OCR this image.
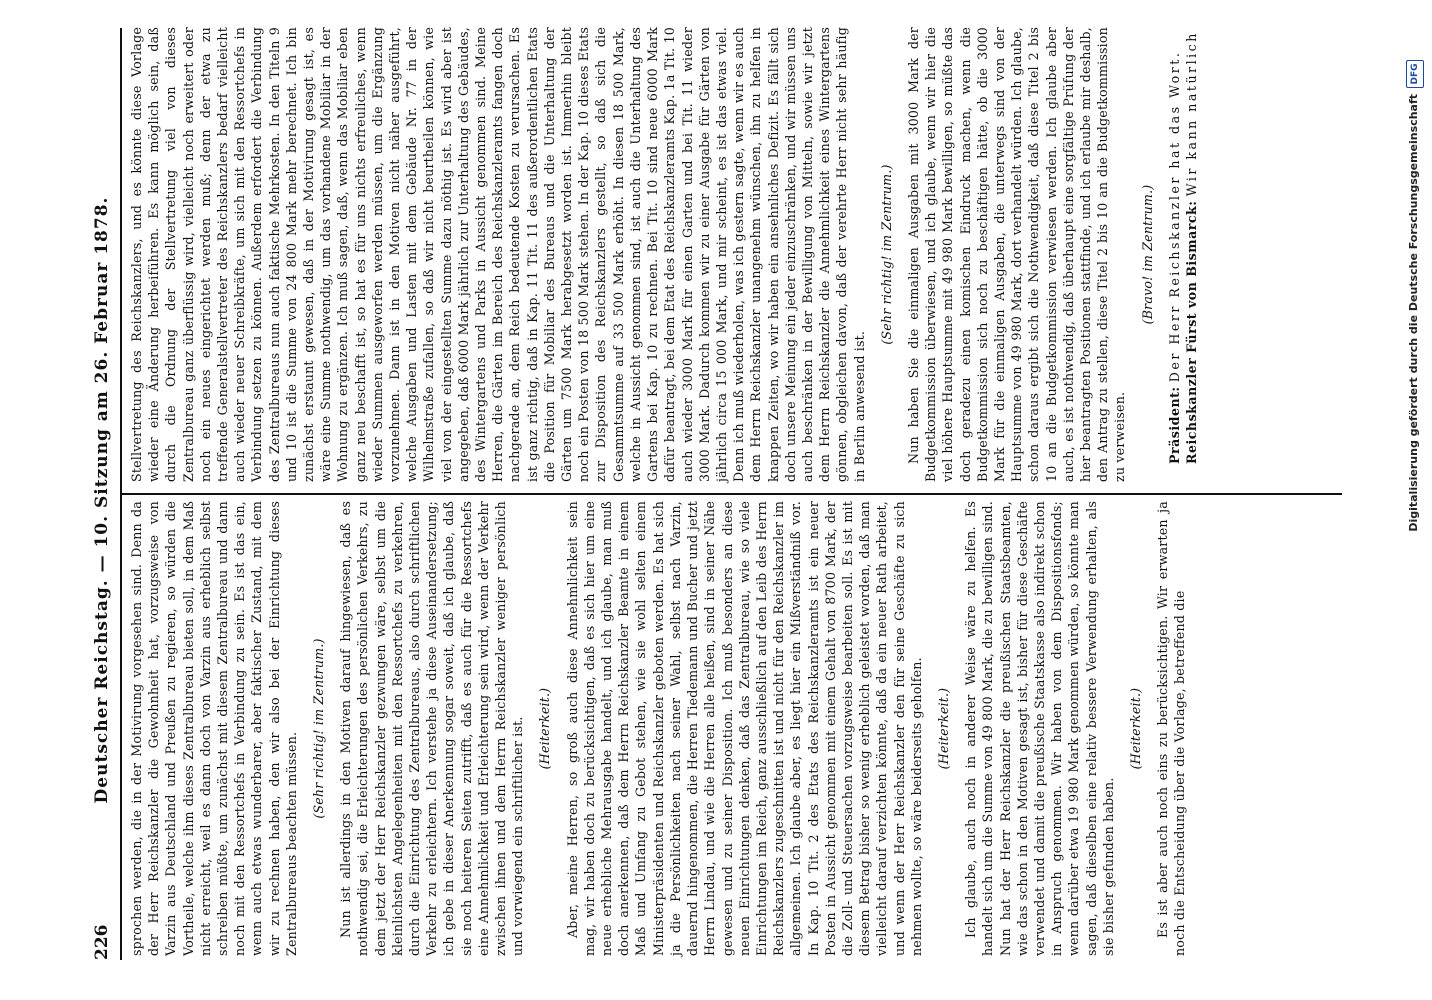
226
Deutscher Reichstag. — 10. Sitzung am 26. Februar 1878. sprochen werden, die in der Motivirung vorgesehen sind. Denn da der Herr Reichskanzler die Gewohnheit hat, vorzugsweise von Varzin aus Deutschland und Preußen zu regieren, so würden die Vortheile, welche ihm dieses Zentralbureau bieten soll, in dem Maß nicht erreicht, weil es dann doch von Varzin aus erheblich selbst schreiben müßte, um zunächst mit diesem Zentralbureau und dann noch mit den Ressortchefs in Verbindung zu sein. Es ist das ein, wenn auch etwas wunderbarer, aber faktischer Zustand, mit dem wir zu rechnen haben, den wir also bei der Einrichtung dieses Zentralbureaus beachten müssen.

(Sehr richtig! im Zentrum.) Nun ist allerdings in den Motiven darauf hingewiesen, daß es nothwendig sei, die Erleichterungen des persönlichen Verkehrs, zu dem jetzt der Herr Reichskanzler gezwungen wäre, selbst um die kleinlichsten Angelegenheiten mit den Ressortchefs zu verkehren, durch die Einrichtung des Zentralbureaus, also durch schriftlichen Verkehr zu erleichtern. Ich verstehe ja diese Auseinandersetzung; ich gebe in dieser Anerkennung sogar soweit, daß ich glaube, daß sie noch heiteren Seiten zutrifft, daß es auch für die Ressortchefs eine Annehmlichkeit und Erleichterung sein wird, wenn der Verkehr zwischen ihnen und dem Herrn Reichskanzler weniger persönlich und vorwiegend ein schriftlicher ist. (Heiterkeit.) Aber, meine Herren, so groß auch diese Annehmlichkeit sein mag, wir haben doch zu berücksichtigen, daß es sich hier um eine neue erhebliche Mehrausgabe handelt, und ich glaube, man muß doch anerkennen, daß dem Herrn Reichskanzler Beamte in einem Maß und Umfang zu Gebot stehen, wie sie wohl selten einem Ministerpräsidenten und Reichskanzler geboten werden. Es hat sich ja die Persönlichkeiten nach seiner Wahl, selbst nach Varzin, dauernd hingenommen, die Herren Tiedemann und Bucher und jetzt Herrn Lindau, und wie die Herren alle heißen, sind in seiner Nähe gewesen und zu seiner Disposition. Ich muß besonders an diese neuen Einrichtungen denken, daß das Zentralbureau, wie so viele Einrichtungen im Reich, ganz ausschließlich auf den Leib des Herrn Reichskanzlers zugeschnitten ist und nicht für den Reichskanzler im allgemeinen. Ich glaube aber, es liegt hier ein Mißverständniß vor. In Kap. 10 Tit. 2 des Etats des Reichskanzleramts ist ein neuer Posten in Aussicht genommen mit einem Gehalt von 8700 Mark, der die Zoll- und Steuersachen vorzugsweise bearbeiten soll. Es ist mit diesem Betrag bisher so wenig erheblich geleistet worden, daß man vielleicht darauf verzichten könnte, daß da ein neuer Rath arbeitet, und wenn der Herr Reichskanzler den für seine Geschäfte zu sich nehmen wollte, so wäre beiderseits geholfen. (Heiterkeit.) Ich glaube, auch noch in anderer Weise wäre zu helfen. Es handelt sich um die Summe von 49 800 Mark, die zu bewilligen sind. Nun hat der Herr Reichskanzler die preußischen Staatsbeamten, wie das schon in den Motiven gesagt ist, bisher für diese Geschäfte verwendet und damit die preußische Staatskasse also indirekt schon in Anspruch genommen. Wir haben von dem Dispositionsfonds; wenn darüber etwa 19 980 Mark genommen würden, so könnte man sagen, daß dieselben eine relativ bessere Verwendung erhalten, als sie bisher gefunden haben.

(Heiterkeit.) Es ist aber auch noch eins zu berücksichtigen. Wir erwarten ja noch die Entscheidung über die Vorlage, betreffend die

Stellvertretung des Reichskanzlers, und es könnte diese Vorlage wieder eine Änderung herbeiführen. Es kann möglich sein, daß durch die Ordnung der Stellvertretung viel von dieses Zentralbureau ganz überflüssig wird, vielleicht noch erweitert oder noch ein neues eingerichtet werden muß; denn der etwa zu treffende Generalstellvertreter des Reichskanzlers bedarf vielleicht auch wieder neuer Schreibkräfte, um sich mit den Ressortchefs in Verbindung setzen zu können. Außerdem erfordert die Verbindung des Zentralbureaus nun auch faktische Mehrkosten. In den Titeln 9 und 10 ist die Summe von 24 800 Mark mehr berechnet. Ich bin zunächst erstaunt gewesen, daß in der Motivirung gesagt ist, es wäre eine Summe nothwendig, um das vorhandene Mobiliar in der Wohnung zu ergänzen. Ich muß sagen, daß, wenn das Mobiliar eben ganz neu beschafft ist, so hat es für uns nichts erfreuliches, wenn wieder Summen ausgeworfen werden müssen, um die Ergänzung vorzunehmen. Dann ist in den Motiven nicht näher ausgeführt, welche Ausgaben und Lasten mit dem Gebäude Nr. 77 in der Wilhelmstraße zufallen, so daß wir nicht beurtheilen können, wie viel von der eingestellten Summe dazu nöthig ist. Es wird aber ist angegeben, daß 6000 Mark jährlich zur Unterhaltung des Gebäudes, des Wintergartens und Parks in Aussicht genommen sind. Meine Herren, die Gärten im Bereich des Reichskanzleramts fangen doch nachgerade an, dem Reich bedeutende Kosten zu verursachen. Es ist ganz richtig, daß in Kap. 11 Tit. 11 des außerordentlichen Etats die Position für Mobiliar des Bureaus und die Unterhaltung der Gärten um 7500 Mark herabgesetzt worden ist. Immerhin bleibt noch ein Posten von 18 500 Mark stehen. In der Kap. 10 dieses Etats zur Disposition des Reichskanzlers gestellt, so daß sich die Gesammtsumme auf 33 500 Mark erhöht. In diesen 18 500 Mark, welche in Aussicht genommen sind, ist auch die Unterhaltung des Gartens bei Kap. 10 zu rechnen. Bei Tit. 10 sind neue 6000 Mark dafür beantragt, bei dem Etat des Reichskanzleramts Kap. 1a Tit. 10 auch wieder 3000 Mark für einen Garten und bei Tit. 11 wieder 3000 Mark. Dadurch kommen wir zu einer Ausgabe für Gärten von jährlich circa 15 000 Mark, und mir scheint, es ist das etwas viel. Denn ich muß wiederholen, was ich gestern sagte, wenn wir es auch dem Herrn Reichskanzler unangenehm wünschen, ihn zu helfen in knappen Zeiten, wo wir haben ein ansehnliches Defizit. Es fällt sich doch unsere Meinung ein jeder einzuschränken, und wir müssen uns auch beschränken in der Bewilligung von Mitteln, sowie wir jetzt dem Herrn Reichskanzler die Annehmlichkeit eines Wintergartens gönnen, obgleichen davon, daß der verehrte Herr nicht sehr häufig in Berlin anwesend ist.

(Sehr richtig! im Zentrum.) Nun haben Sie die einmaligen Ausgaben mit 3000 Mark der Budgetkommission überwiesen, und ich glaube, wenn wir hier die viel höhere Hauptsumme mit 49 980 Mark bewilligen, so müßte das doch geradezu einen komischen Eindruck machen, wenn die Budgetkommission sich noch zu beschäftigen hätte, ob die 3000 Mark für die einmaligen Ausgaben, die unterwegs sind von der Hauptsumme von 49 980 Mark, dort verhandelt würden. Ich glaube, schon daraus ergibt sich die Nothwendigkeit, daß diese Titel 2 bis 10 an die Budgetkommission verwiesen werden. Ich glaube aber auch, es ist nothwendig, daß überhaupt eine sorgfältige Prüfung der hier beantragten Positionen stattfinde, und ich erlaube mir deshalb, den Antrag zu stellen, diese Titel 2 bis 10 an die Budgetkommission zu verweisen.

(Bravo! im Zentrum.)

Präsident: Der Herr Reichskanzler hat das Wort. Reichskanzler Fürst von Bismarck: Wir kann natürlich	Digitalisierung gefördert durch die Deutsche Forschungsgemeinschaft
DFG
